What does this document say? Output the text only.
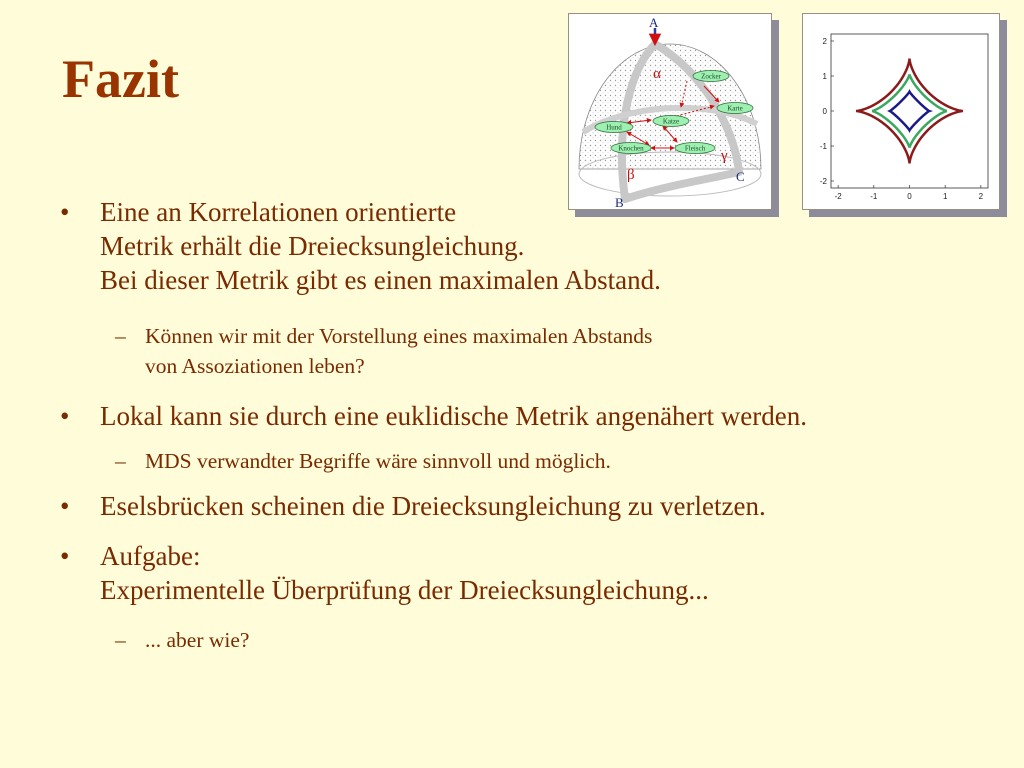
Fazit
A
B
C
α
β
γ
Zocker
Karte
Katze
Hund
Knochen	Fleisch
-2	-1	0	1	2
2
1
0
-1
-2
• Eine an Korrelationen orientierte
Metrik erhält die Dreiecksungleichung.
Bei dieser Metrik gibt es einen maximalen Abstand.
– Können wir mit der Vorstellung eines maximalen Abstands
von Assoziationen leben?
• Lokal kann sie durch eine euklidische Metrik angenähert werden.
– MDS verwandter Begriffe wäre sinnvoll und möglich.
• Eselsbrücken scheinen die Dreiecksungleichung zu verletzen.
• Aufgabe:
Experimentelle Überprüfung der Dreiecksungleichung...
– ... aber wie?
